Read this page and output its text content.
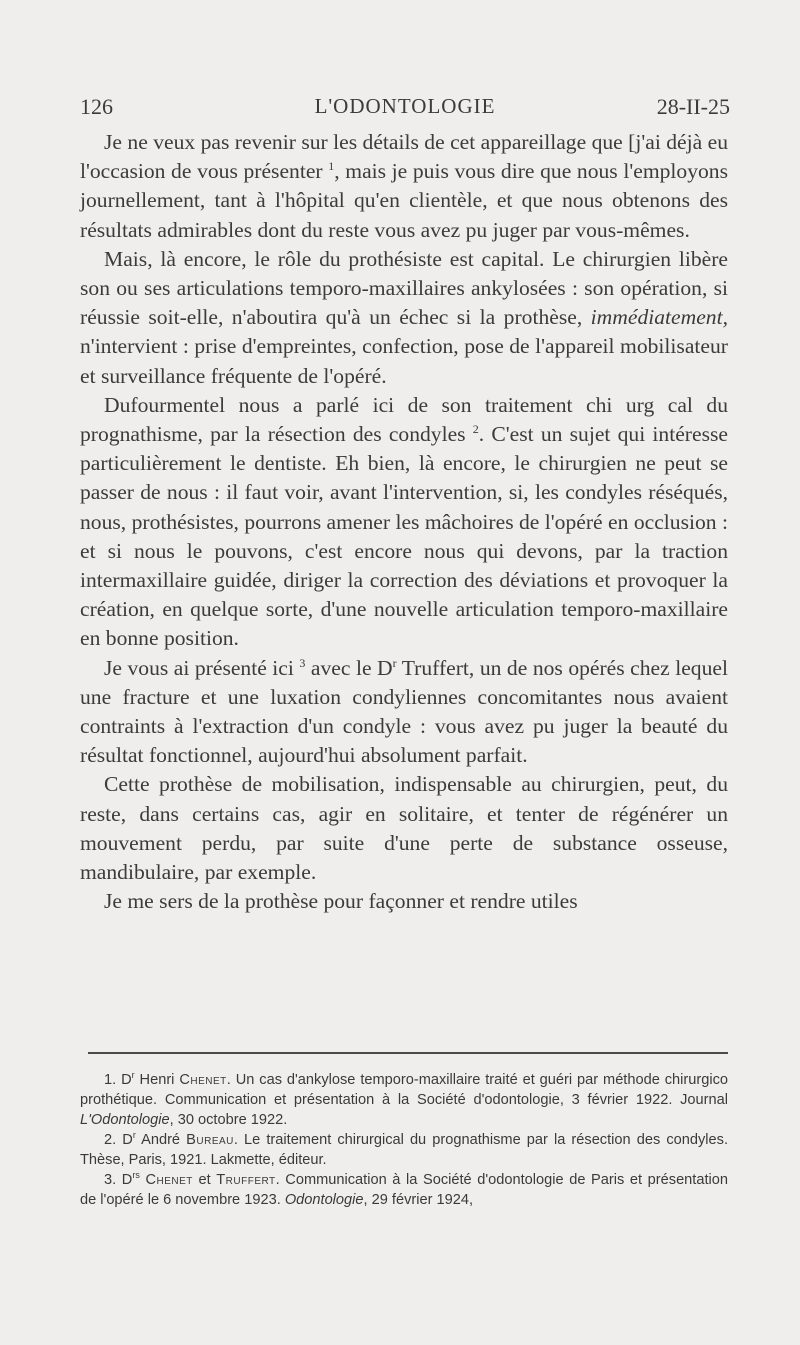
126	L'ODONTOLOGIE	28-II-25

Je ne veux pas revenir sur les détails de cet appareillage que [j'ai déjà eu l'occasion de vous présenter $^1$, mais je puis vous dire que nous l'employons journellement, tant à l'hôpital qu'en clientèle, et que nous obtenons des résultats admirables dont du reste vous avez pu juger par vous-mêmes.

Mais, là encore, le rôle du prothésiste est capital. Le chirurgien libère son ou ses articulations temporo-maxillaires ankylosées : son opération, si réussie soit-elle, n'aboutira qu'à un échec si la prothèse, immédiatement, n'intervient : prise d'empreintes, confection, pose de l'appareil mobilisateur et surveillance fréquente de l'opéré.

Dufourmentel nous a parlé ici de son traitement chi urg cal du prognathisme, par la résection des condyles $^2$. C'est un sujet qui intéresse particulièrement le dentiste. Eh bien, là encore, le chirurgien ne peut se passer de nous : il faut voir, avant l'intervention, si, les condyles réséqués, nous, prothésistes, pourrons amener les mâchoires de l'opéré en occlusion : et si nous le pouvons, c'est encore nous qui devons, par la traction intermaxillaire guidée, diriger la correction des déviations et provoquer la création, en quelque sorte, d'une nouvelle articulation temporo-maxillaire en bonne position.

Je vous ai présenté ici $^3$ avec le $D^r$ Truffert, un de nos opérés chez lequel une fracture et une luxation condyliennes concomitantes nous avaient contraints à l'extraction d'un condyle : vous avez pu juger la beauté du résultat fonctionnel, aujourd'hui absolument parfait.

Cette prothèse de mobilisation, indispensable au chirurgien, peut, du reste, dans certains cas, agir en solitaire, et tenter de régénérer un mouvement perdu, par suite d'une perte de substance osseuse, mandibulaire, par exemple.

Je me sers de la prothèse pour façonner et rendre utiles

1. $D^r$ Henri Chenet. Un cas d'ankylose temporo-maxillaire traité et guéri par méthode chirurgico prothétique. Communication et présentation à la Société d'odontologie, 3 février 1922. Journal L'Odontologie, 30 octobre 1922.

2. $D^r$ André Bureau. Le traitement chirurgical du prognathisme par la résection des condyles. Thèse, Paris, 1921. Lakmette, éditeur.

3. $D^{rs}$ Chenet et Truffert. Communication à la Société d'odontologie de Paris et présentation de l'opéré le 6 novembre 1923. Odontologie, 29 février 1924,
